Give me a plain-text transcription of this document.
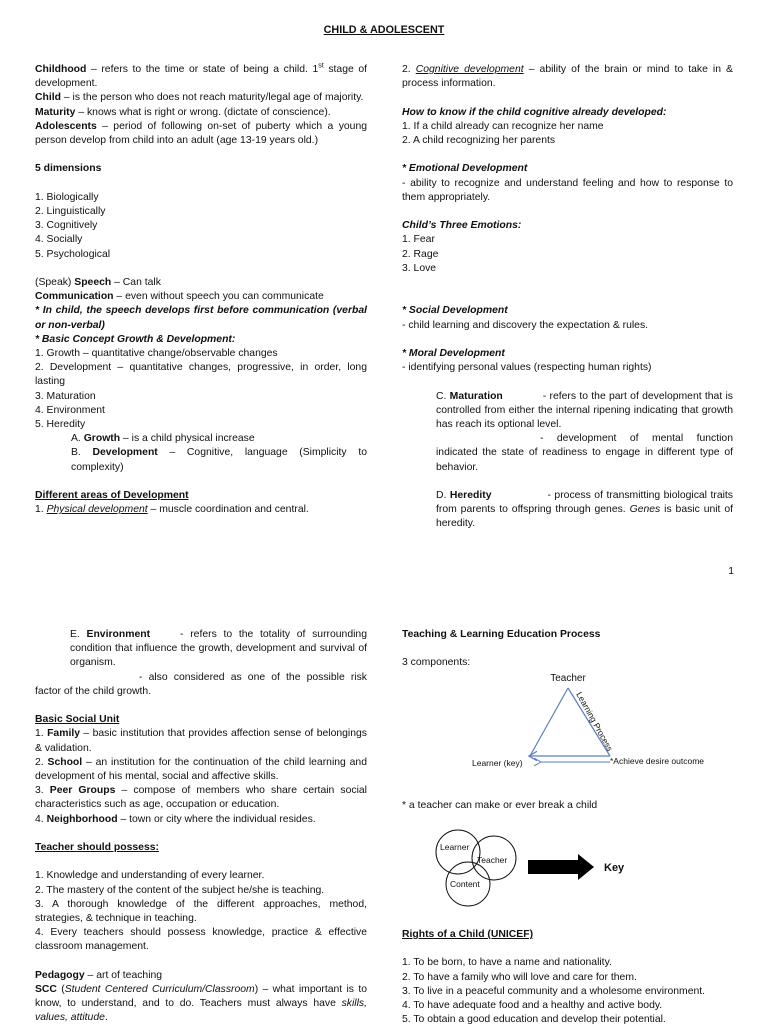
CHILD & ADOLESCENT
Childhood – refers to the time or state of being a child. 1st stage of development.
Child – is the person who does not reach maturity/legal age of majority.
Maturity – knows what is right or wrong. (dictate of conscience).
Adolescents – period of following on-set of puberty which a young person develop from child into an adult (age 13-19 years old.)
5 dimensions
1. Biologically
2. Linguistically
3. Cognitively
4. Socially
5. Psychological
(Speak) Speech – Can talk
Communication – even without speech you can communicate
* In child, the speech develops first before communication (verbal or non-verbal)
* Basic Concept Growth & Development:
1. Growth – quantitative change/observable changes
2. Development – quantitative changes, progressive, in order, long lasting
3. Maturation
4. Environment
5. Heredity
A. Growth – is a child physical increase
B. Development – Cognitive, language (Simplicity to complexity)
Different areas of Development
1. Physical development – muscle coordination and central.
2. Cognitive development – ability of the brain or mind to take in & process information.
How to know if the child cognitive already developed:
1. If a child already can recognize her name
2. A child recognizing her parents
* Emotional Development
- ability to recognize and understand feeling and how to response to them appropriately.
Child’s Three Emotions:
1. Fear
2. Rage
3. Love
* Social Development
- child learning and discovery the expectation & rules.
* Moral Development
- identifying personal values (respecting human rights)
C. Maturation	- refers to the part of development that is controlled from either the internal ripening indicating that growth has reach its optional level.
- development of mental function indicated the state of readiness to engage in different type of behavior.
D. Heredity	- process of transmitting biological traits from parents to offspring through genes. Genes is basic unit of heredity.
1
E. Environment	- refers to the totality of surrounding condition that influence the growth, development and survival of organism.
- also considered as one of the possible risk factor of the child growth.
Basic Social Unit
1. Family – basic institution that provides affection sense of belongings & validation.
2. School – an institution for the continuation of the child learning and development of his mental, social and affective skills.
3. Peer Groups – compose of members who share certain social characteristics such as age, occupation or education.
4. Neighborhood – town or city where the individual resides.
Teacher should possess:
1. Knowledge and understanding of every learner.
2. The mastery of the content of the subject he/she is teaching.
3. A thorough knowledge of the different approaches, method, strategies, & technique in teaching.
4. Every teachers should possess knowledge, practice & effective classroom management.
Pedagogy – art of teaching
SCC (Student Centered Curriculum/Classroom) – what important is to know, to understand, and to do. Teachers must always have skills, values, attitude.
Teaching & Learning Education Process
3 components:
Teacher
Learning Process
Learner (key)	*Achieve desire outcome
* a teacher can make or ever break a child
Learner
Teacher
Content
Key
Rights of a Child (UNICEF)
1. To be born, to have a name and nationality.
2. To have a family who will love and care for them.
3. To live in a peaceful community and a wholesome environment.
4. To have adequate food and a healthy and active body.
5. To obtain a good education and develop their potential.
